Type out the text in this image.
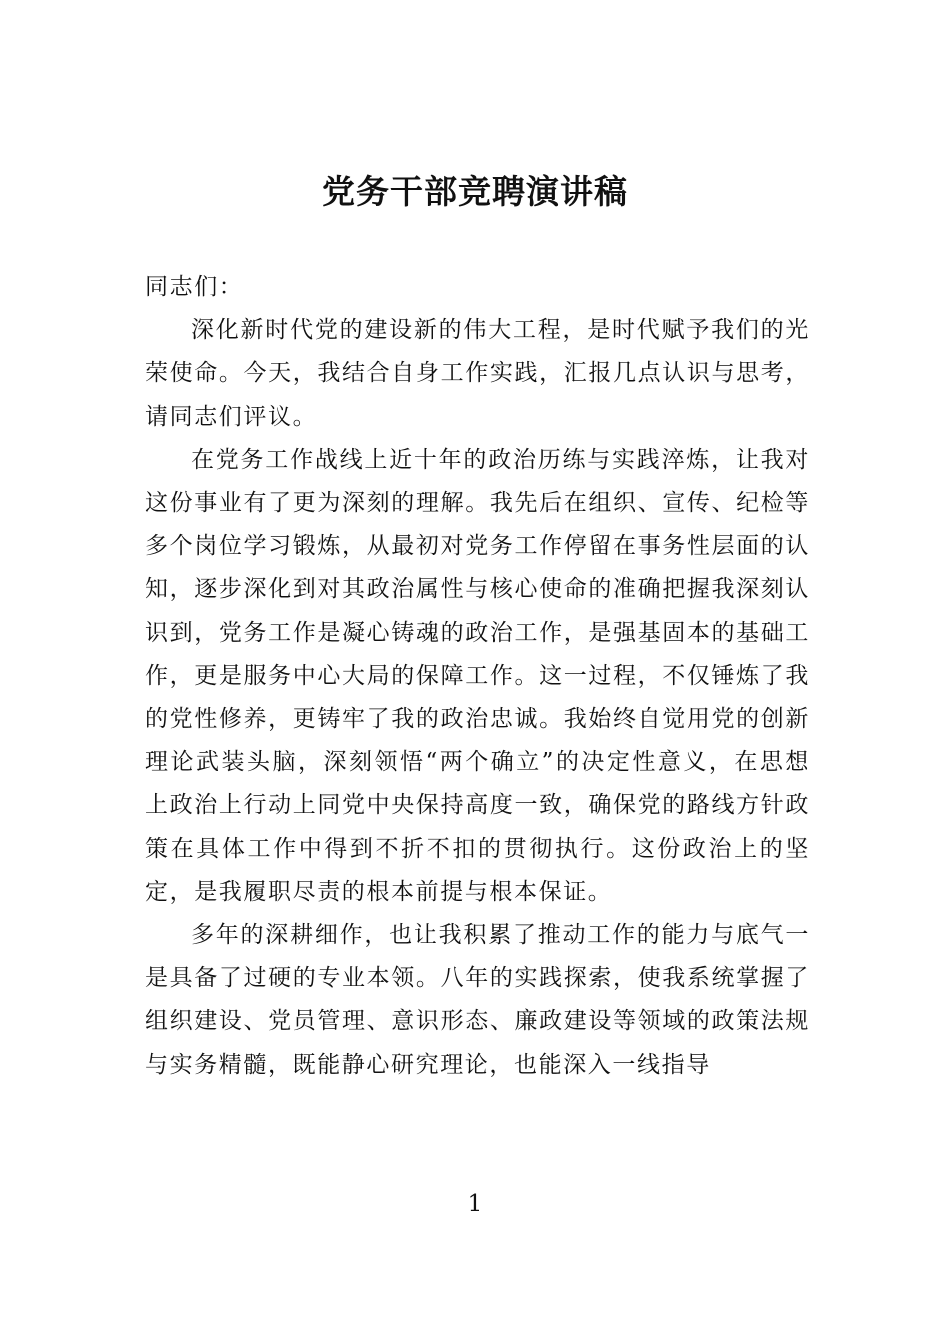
党务干部竞聘演讲稿

同志们：

深化新时代党的建设新的伟大工程，是时代赋予我们的光荣使命。今天，我结合自身工作实践，汇报几点认识与思考，请同志们评议。

在党务工作战线上近十年的政治历练与实践淬炼，让我对这份事业有了更为深刻的理解。我先后在组织、宣传、纪检等多个岗位学习锻炼，从最初对党务工作停留在事务性层面的认知，逐步深化到对其政治属性与核心使命的准确把握我深刻认识到，党务工作是凝心铸魂的政治工作，是强基固本的基础工作，更是服务中心大局的保障工作。这一过程，不仅锤炼了我的党性修养，更铸牢了我的政治忠诚。我始终自觉用党的创新理论武装头脑，深刻领悟“两个确立”的决定性意义，在思想上政治上行动上同党中央保持高度一致，确保党的路线方针政策在具体工作中得到不折不扣的贯彻执行。这份政治上的坚定，是我履职尽责的根本前提与根本保证。

多年的深耕细作，也让我积累了推动工作的能力与底气一是具备了过硬的专业本领。八年的实践探索，使我系统掌握了组织建设、党员管理、意识形态、廉政建设等领域的政策法规与实务精髓，既能静心研究理论，也能深入一线指导

1
